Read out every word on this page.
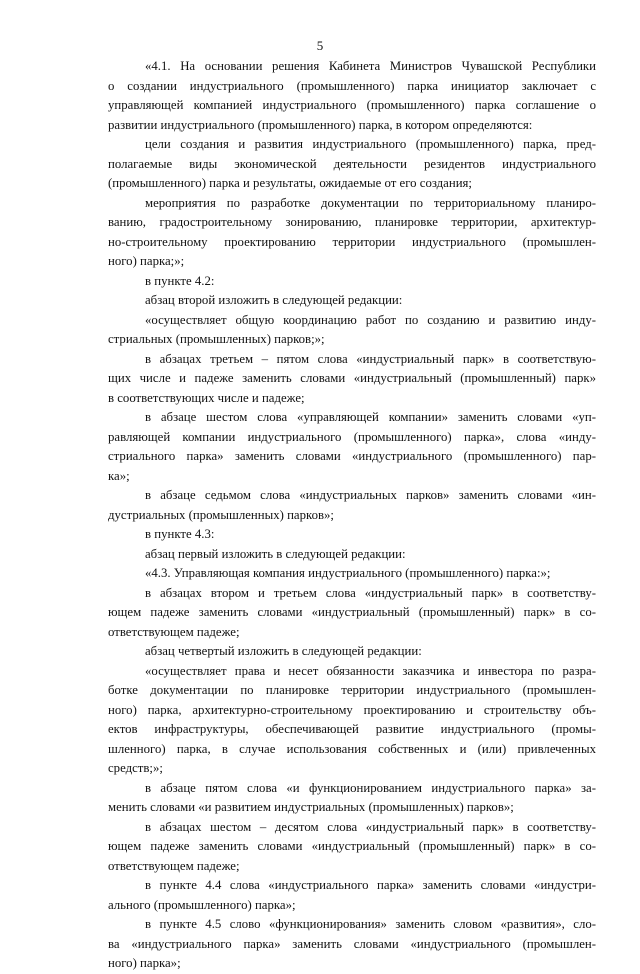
5
«4.1. На основании решения Кабинета Министров Чувашской Республики
о создании индустриального (промышленного) парка инициатор заключает с
управляющей компанией индустриального (промышленного) парка соглашение о
развитии индустриального (промышленного) парка, в котором определяются:
цели создания и развития индустриального (промышленного) парка, пред-
полагаемые виды экономической деятельности резидентов индустриального
(промышленного) парка и результаты, ожидаемые от его создания;
мероприятия по разработке документации по территориальному планиро-
ванию, градостроительному зонированию, планировке территории, архитектур-
но-строительному проектированию территории индустриального (промышлен-
ного) парка;»;
в пункте 4.2:
абзац второй изложить в следующей редакции:
«осуществляет общую координацию работ по созданию и развитию инду-
стриальных (промышленных) парков;»;
в абзацах третьем – пятом слова «индустриальный парк» в соответствую-
щих числе и падеже заменить словами «индустриальный (промышленный) парк»
в соответствующих числе и падеже;
в абзаце шестом слова «управляющей компании» заменить словами «уп-
равляющей компании индустриального (промышленного) парка», слова «инду-
стриального парка» заменить словами «индустриального (промышленного) пар-
ка»;
в абзаце седьмом слова «индустриальных парков» заменить словами «ин-
дустриальных (промышленных) парков»;
в пункте 4.3:
абзац первый изложить в следующей редакции:
«4.3. Управляющая компания индустриального (промышленного) парка:»;
в абзацах втором и третьем слова «индустриальный парк» в соответству-
ющем падеже заменить словами «индустриальный (промышленный) парк» в со-
ответствующем падеже;
абзац четвертый изложить в следующей редакции:
«осуществляет права и несет обязанности заказчика и инвестора по разра-
ботке документации по планировке территории индустриального (промышлен-
ного) парка, архитектурно-строительному проектированию и строительству объ-
ектов инфраструктуры, обеспечивающей развитие индустриального (промы-
шленного) парка, в случае использования собственных и (или) привлеченных
средств;»;
в абзаце пятом слова «и функционированием индустриального парка» за-
менить словами «и развитием индустриальных (промышленных) парков»;
в абзацах шестом – десятом слова «индустриальный парк» в соответству-
ющем падеже заменить словами «индустриальный (промышленный) парк» в со-
ответствующем падеже;
в пункте 4.4 слова «индустриального парка» заменить словами «индустри-
ального (промышленного) парка»;
в пункте 4.5 слово «функционирования» заменить словом «развития», сло-
ва «индустриального парка» заменить словами «индустриального (промышлен-
ного) парка»;
